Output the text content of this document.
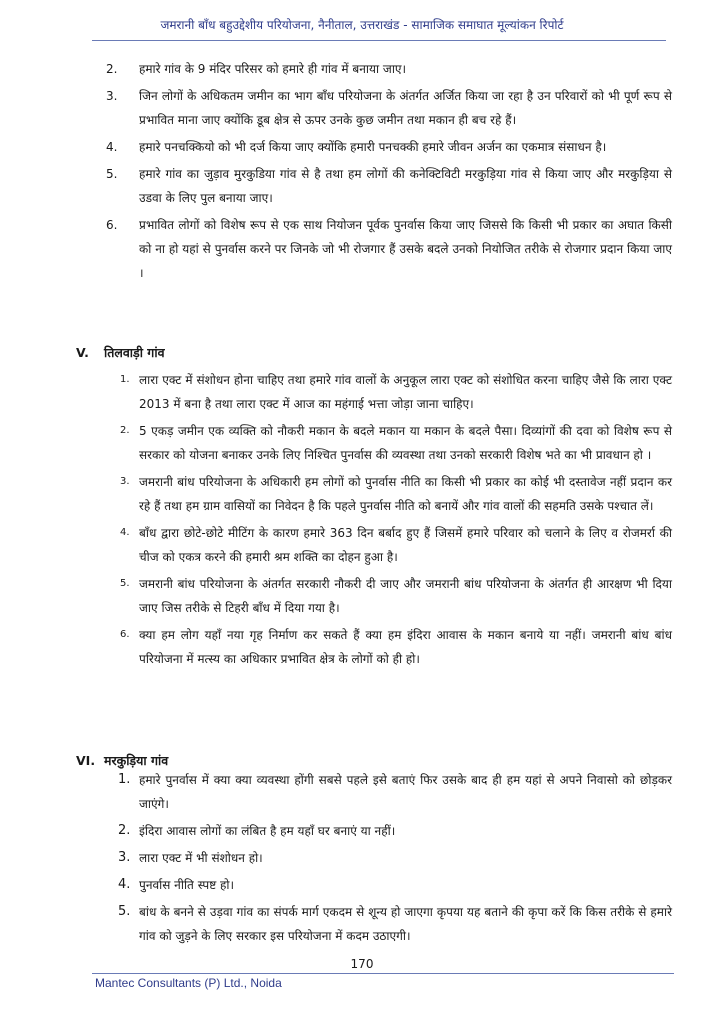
जमरानी बाँध बहुउद्देशीय परियोजना, नैनीताल, उत्तराखंड - सामाजिक समाघात मूल्यांकन रिपोर्ट
2. हमारे गांव के 9 मंदिर परिसर को हमारे ही गांव में बनाया जाए।
3. जिन लोगों के अधिकतम जमीन का भाग बाँध परियोजना के अंतर्गत अर्जित किया जा रहा है उन परिवारों को भी पूर्ण रूप से प्रभावित माना जाए क्योंकि डूब क्षेत्र से ऊपर उनके कुछ जमीन तथा मकान ही बच रहे हैं।
4. हमारे पनचक्कियो को भी दर्ज किया जाए क्योंकि हमारी पनचक्की हमारे जीवन अर्जन का एकमात्र संसाधन है।
5. हमारे गांव का जुड़ाव मुरकुडिया गांव से है तथा हम लोगों की कनेक्टिविटी मरकुड़िया गांव से किया जाए और मरकुड़िया से उडवा के लिए पुल बनाया जाए।
6. प्रभावित लोगों को विशेष रूप से एक साथ नियोजन पूर्वक पुनर्वास किया जाए जिससे कि किसी भी प्रकार का अघात किसी को ना हो यहां से पुनर्वास करने पर जिनके जो भी रोजगार हैं उसके बदले उनको नियोजित तरीके से रोजगार प्रदान किया जाए ।
V. तिलवाड़ी गांव
1. लारा एक्ट में संशोधन होना चाहिए तथा हमारे गांव वालों के अनुकूल लारा एक्ट को संशोधित करना चाहिए जैसे कि लारा एक्ट 2013 में बना है तथा लारा एक्ट में आज का महंगाई भत्ता जोड़ा जाना चाहिए।
2. 5 एकड़ जमीन एक व्यक्ति को नौकरी मकान के बदले मकान या मकान के बदले पैसा। दिव्यांगों की दवा को विशेष रूप से सरकार को योजना बनाकर उनके लिए निश्चित पुनर्वास की व्यवस्था तथा उनको सरकारी विशेष भते का भी प्रावधान हो ।
3. जमरानी बांध परियोजना के अधिकारी हम लोगों को पुनर्वास नीति का किसी भी प्रकार का कोई भी दस्तावेज नहीं प्रदान कर रहे हैं तथा हम ग्राम वासियों का निवेदन है कि पहले पुनर्वास नीति को बनायें और गांव वालों की सहमति उसके पश्चात लें।
4. बाँध द्वारा छोटे-छोटे मीटिंग के कारण हमारे 363 दिन बर्बाद हुए हैं जिसमें हमारे परिवार को चलाने के लिए व रोजमर्रा की चीज को एकत्र करने की हमारी श्रम शक्ति का दोहन हुआ है।
5. जमरानी बांध परियोजना के अंतर्गत सरकारी नौकरी दी जाए और जमरानी बांध परियोजना के अंतर्गत ही आरक्षण भी दिया जाए जिस तरीके से टिहरी बाँध में दिया गया है।
6. क्या हम लोग यहाँ नया गृह निर्माण कर सकते हैं क्या हम इंदिरा आवास के मकान बनाये या नहीं। जमरानी बांध बांध परियोजना में मत्स्य का अधिकार प्रभावित क्षेत्र के लोगों को ही हो।
VI. मरकुड़िया गांव
1. हमारे पुनर्वास में क्या क्या व्यवस्था होंगी सबसे पहले इसे बताएं फिर उसके बाद ही हम यहां से अपने निवासो को छोड़कर जाएंगे।
2. इंदिरा आवास लोगों का लंबित है हम यहाँ घर बनाएं या नहीं।
3. लारा एक्ट में भी संशोधन हो।
4. पुनर्वास नीति स्पष्ट हो।
5. बांध के बनने से उड़वा गांव का संपर्क मार्ग एकदम से शून्य हो जाएगा कृपया यह बताने की कृपा करें कि किस तरीके से हमारे गांव को जुड़ने के लिए सरकार इस परियोजना में कदम उठाएगी।
170
Mantec Consultants (P) Ltd., Noida
